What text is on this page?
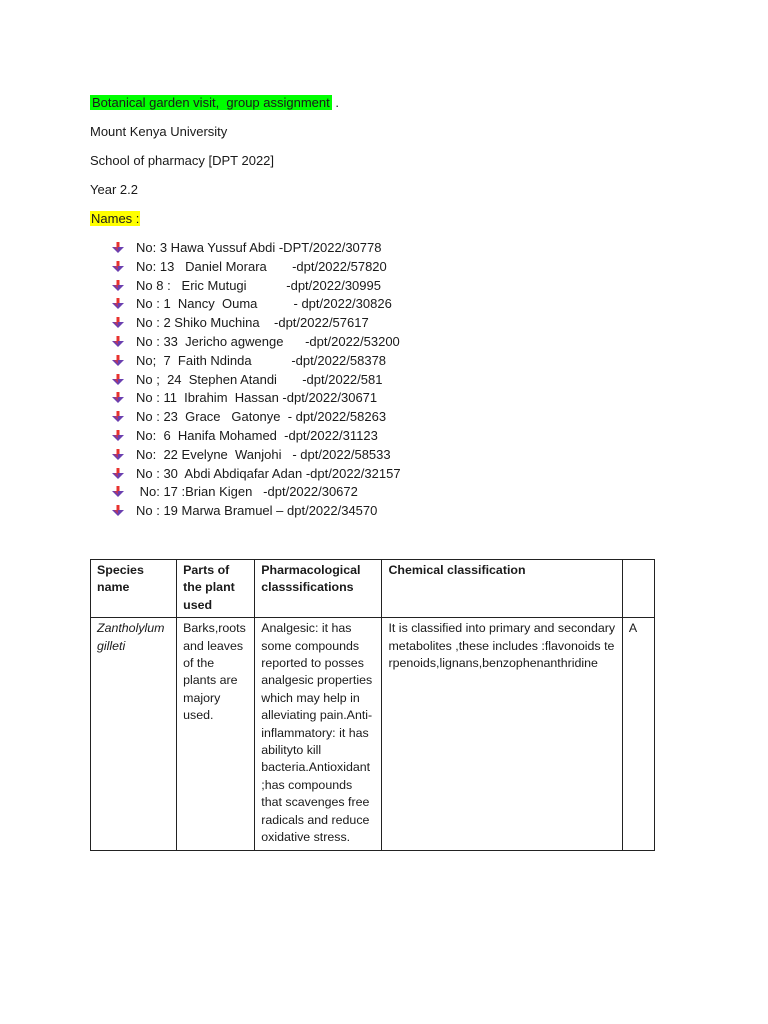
Botanical garden visit,  group assignment .
Mount Kenya University
School of pharmacy [DPT 2022]
Year 2.2
Names :
No: 3 Hawa Yussuf Abdi -DPT/2022/30778
No: 13   Daniel Morara       -dpt/2022/57820
No 8 :   Eric Mutugi           -dpt/2022/30995
No : 1  Nancy  Ouma          - dpt/2022/30826
No : 2 Shiko Muchina    -dpt/2022/57617
No : 33  Jericho agwenge      -dpt/2022/53200
No;  7  Faith Ndinda           -dpt/2022/58378
No ;  24  Stephen Atandi       -dpt/2022/581
No : 11  Ibrahim  Hassan -dpt/2022/30671
No : 23  Grace   Gatonye  - dpt/2022/58263
No:  6  Hanifa Mohamed  -dpt/2022/31123
No:  22 Evelyne  Wanjohi   - dpt/2022/58533
No : 30  Abdi Abdiqafar Adan -dpt/2022/32157
No: 17 :Brian Kigen   -dpt/2022/30672
No : 19 Marwa Bramuel – dpt/2022/34570
Species name	Parts of the plant used	Pharmacological classsifications	Chemical classification	
Zantholylum gilleti	Barks,roots and leaves of the plants are majory used.	Analgesic: it has some compounds reported to posses analgesic properties which may help in alleviating pain.Anti-inflammatory: it has abilityto kill bacteria.Antioxidant ;has compounds that scavenges free radicals and reduce oxidative stress.	It is classified into primary and secondary metabolites ,these includes :flavonoids terpenoids,lignans,benzophenanthridine	A
